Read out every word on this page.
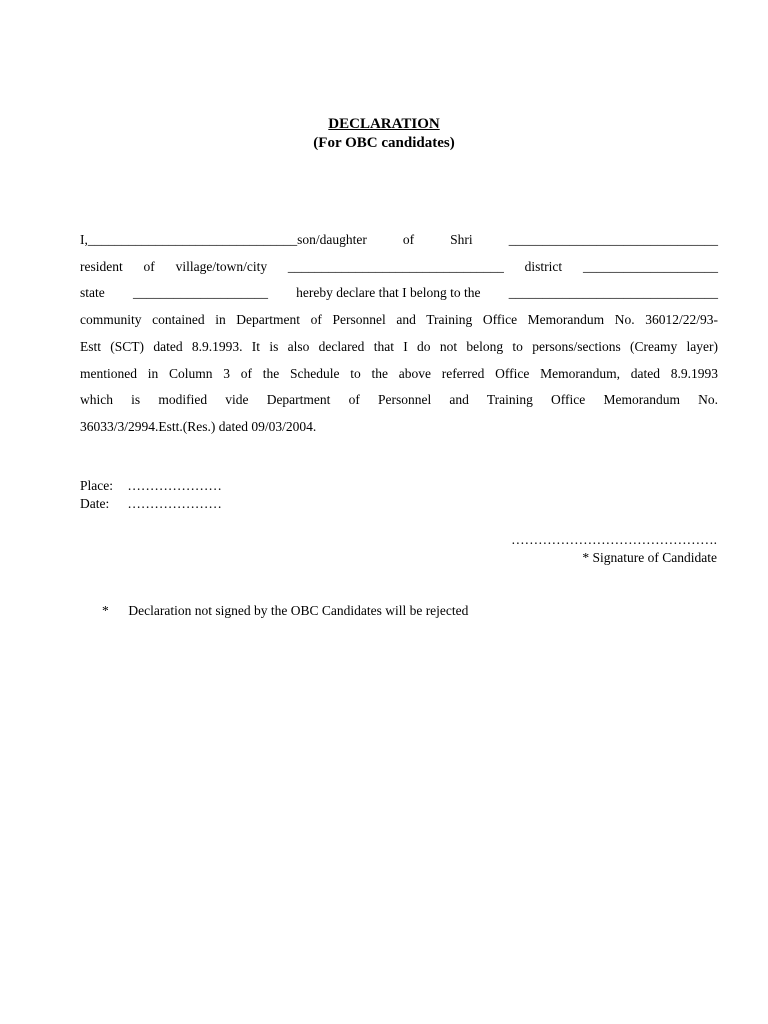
DECLARATION
(For OBC candidates)
I,_______________________________son/daughter	of	Shri	_______________________________
resident of village/town/city ________________________________ district ____________________
state ____________________ hereby declare that I belong to the _______________________________
community contained in Department of Personnel and Training Office Memorandum No. 36012/22/93-
Estt (SCT) dated 8.9.1993. It is also declared that I do not belong to persons/sections (Creamy layer)
mentioned in Column 3 of the Schedule to the above referred Office Memorandum, dated 8.9.1993
which is modified vide Department of Personnel and Training Office Memorandum No.
36033/3/2994.Estt.(Res.) dated 09/03/2004.
Place: …………………
Date: …………………
……………………………………….
* Signature of Candidate
* Declaration not signed by the OBC Candidates will be rejected
